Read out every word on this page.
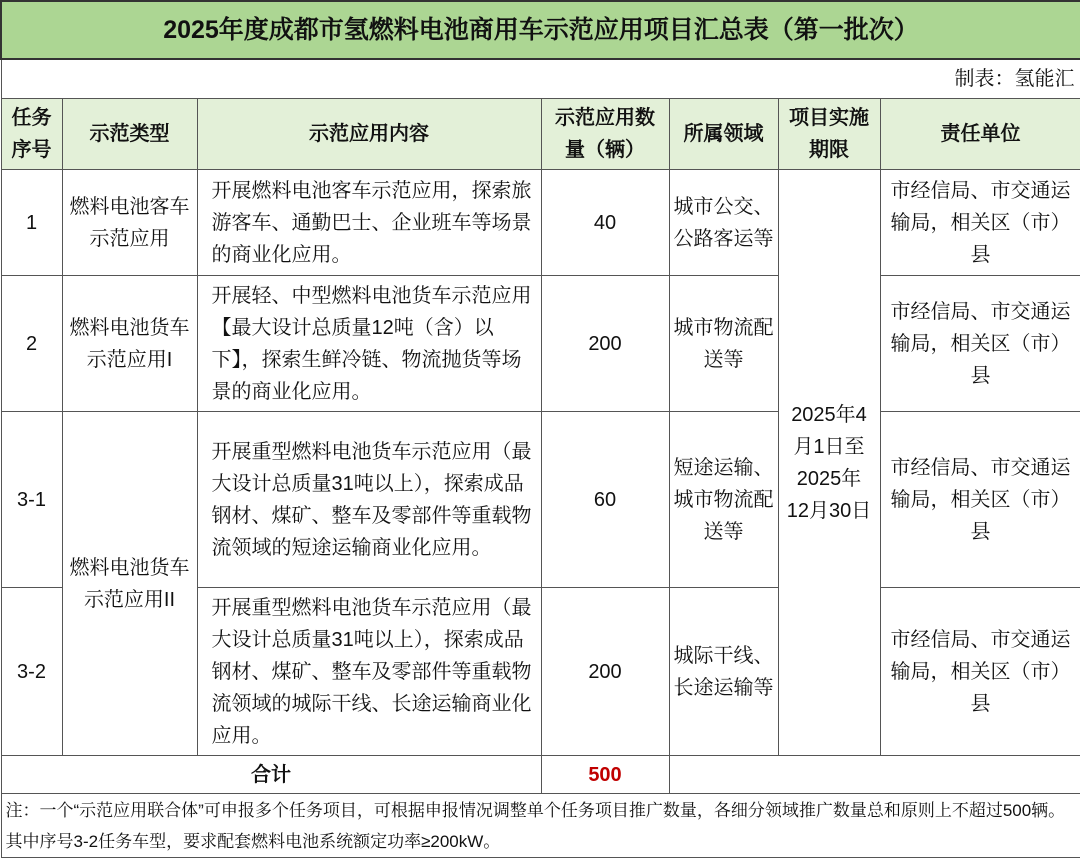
2025年度成都市氢燃料电池商用车示范应用项目汇总表（第一批次）						
制表：氢能汇						
任务序号	示范类型	示范应用内容	示范应用数量（辆）	所属领域	项目实施期限	责任单位
1	燃料电池客车示范应用	开展燃料电池客车示范应用，探索旅游客车、通勤巴士、企业班车等场景的商业化应用。	40	城市公交、公路客运等	2025年4月1日至2025年12月30日	市经信局、市交通运输局，相关区（市）县
2	燃料电池货车示范应用I	开展轻、中型燃料电池货车示范应用【最大设计总质量12吨（含）以下】，探索生鲜冷链、物流抛货等场景的商业化应用。	200	城市物流配送等		市经信局、市交通运输局，相关区（市）县
3-1	燃料电池货车示范应用II	开展重型燃料电池货车示范应用（最大设计总质量31吨以上），探索成品钢材、煤矿、整车及零部件等重载物流领域的短途运输商业化应用。	60	短途运输、城市物流配送等		市经信局、市交通运输局，相关区（市）县
3-2		开展重型燃料电池货车示范应用（最大设计总质量31吨以上），探索成品钢材、煤矿、整车及零部件等重载物流领域的城际干线、长途运输商业化应用。	200	城际干线、长途运输等		市经信局、市交通运输局，相关区（市）县
合计			500			
注：一个“示范应用联合体”可申报多个任务项目，可根据申报情况调整单个任务项目推广数量，各细分领域推广数量总和原则上不超过500辆。其中序号3-2任务车型，要求配套燃料电池系统额定功率≥200kW。						
